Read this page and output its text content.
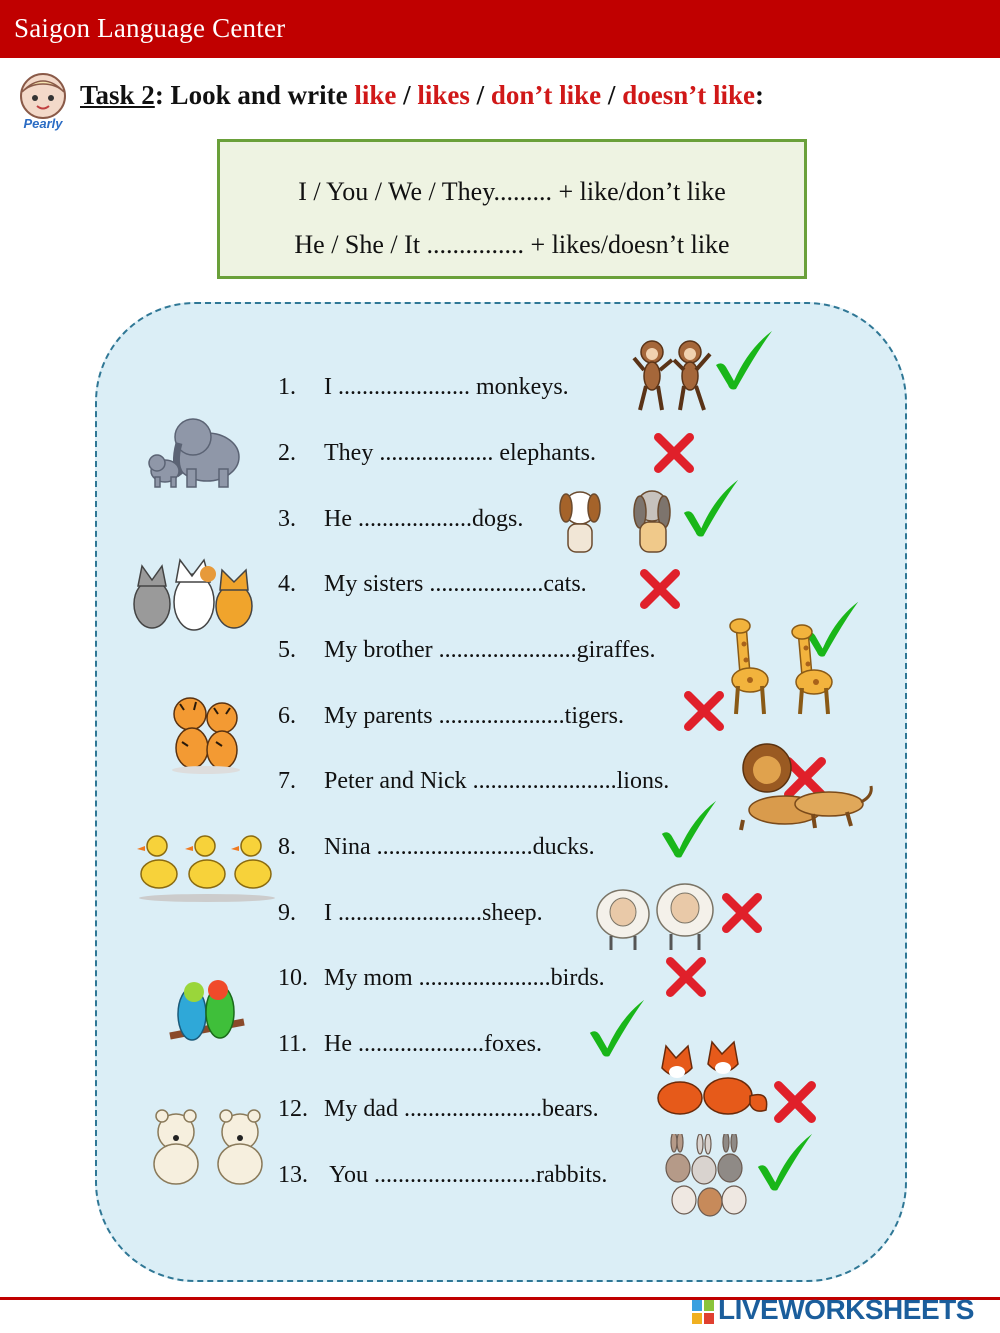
Saigon Language Center
Pearly
Task 2: Look and write like / likes / don’t like / doesn’t like:
I / You / We / They......... + like/don’t like
He / She / It ............... + likes/doesn’t like
1. I ...................... monkeys.
2. They ................... elephants.
3. He ...................dogs.
4. My sisters ...................cats.
5. My brother .......................giraffes.
6. My parents .....................tigers.
7. Peter and Nick ........................lions.
8. Nina ..........................ducks.
9. I ........................sheep.
10. My mom ......................birds.
11. He .....................foxes.
12. My dad .......................bears.
13. You ...........................rabbits.
LIVEWORKSHEETS
